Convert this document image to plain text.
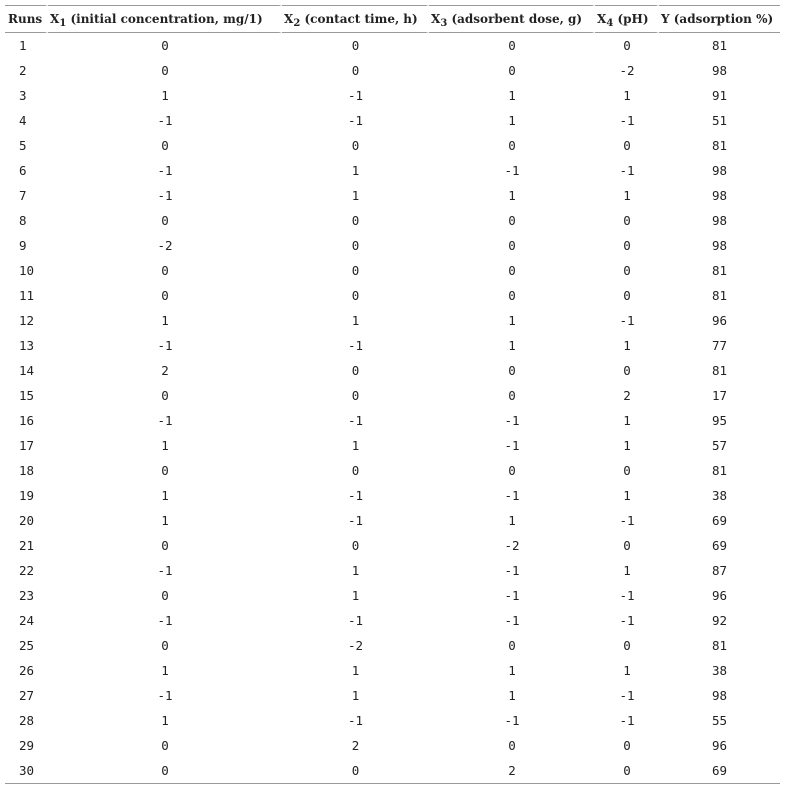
Runs	$X_1$ (initial concentration, mg/1)	$X_2$ (contact time, h)	$X_3$ (adsorbent dose, g)	$X_4$ (pH)	Y (adsorption %)
1	0	0	0	0	81
2	0	0	0	-2	98
3	1	-1	1	1	91
4	-1	-1	1	-1	51
5	0	0	0	0	81
6	-1	1	-1	-1	98
7	-1	1	1	1	98
8	0	0	0	0	98
9	-2	0	0	0	98
10	0	0	0	0	81
11	0	0	0	0	81
12	1	1	1	-1	96
13	-1	-1	1	1	77
14	2	0	0	0	81
15	0	0	0	2	17
16	-1	-1	-1	1	95
17	1	1	-1	1	57
18	0	0	0	0	81
19	1	-1	-1	1	38
20	1	-1	1	-1	69
21	0	0	-2	0	69
22	-1	1	-1	1	87
23	0	1	-1	-1	96
24	-1	-1	-1	-1	92
25	0	-2	0	0	81
26	1	1	1	1	38
27	-1	1	1	-1	98
28	1	-1	-1	-1	55
29	0	2	0	0	96
30	0	0	2	0	69
